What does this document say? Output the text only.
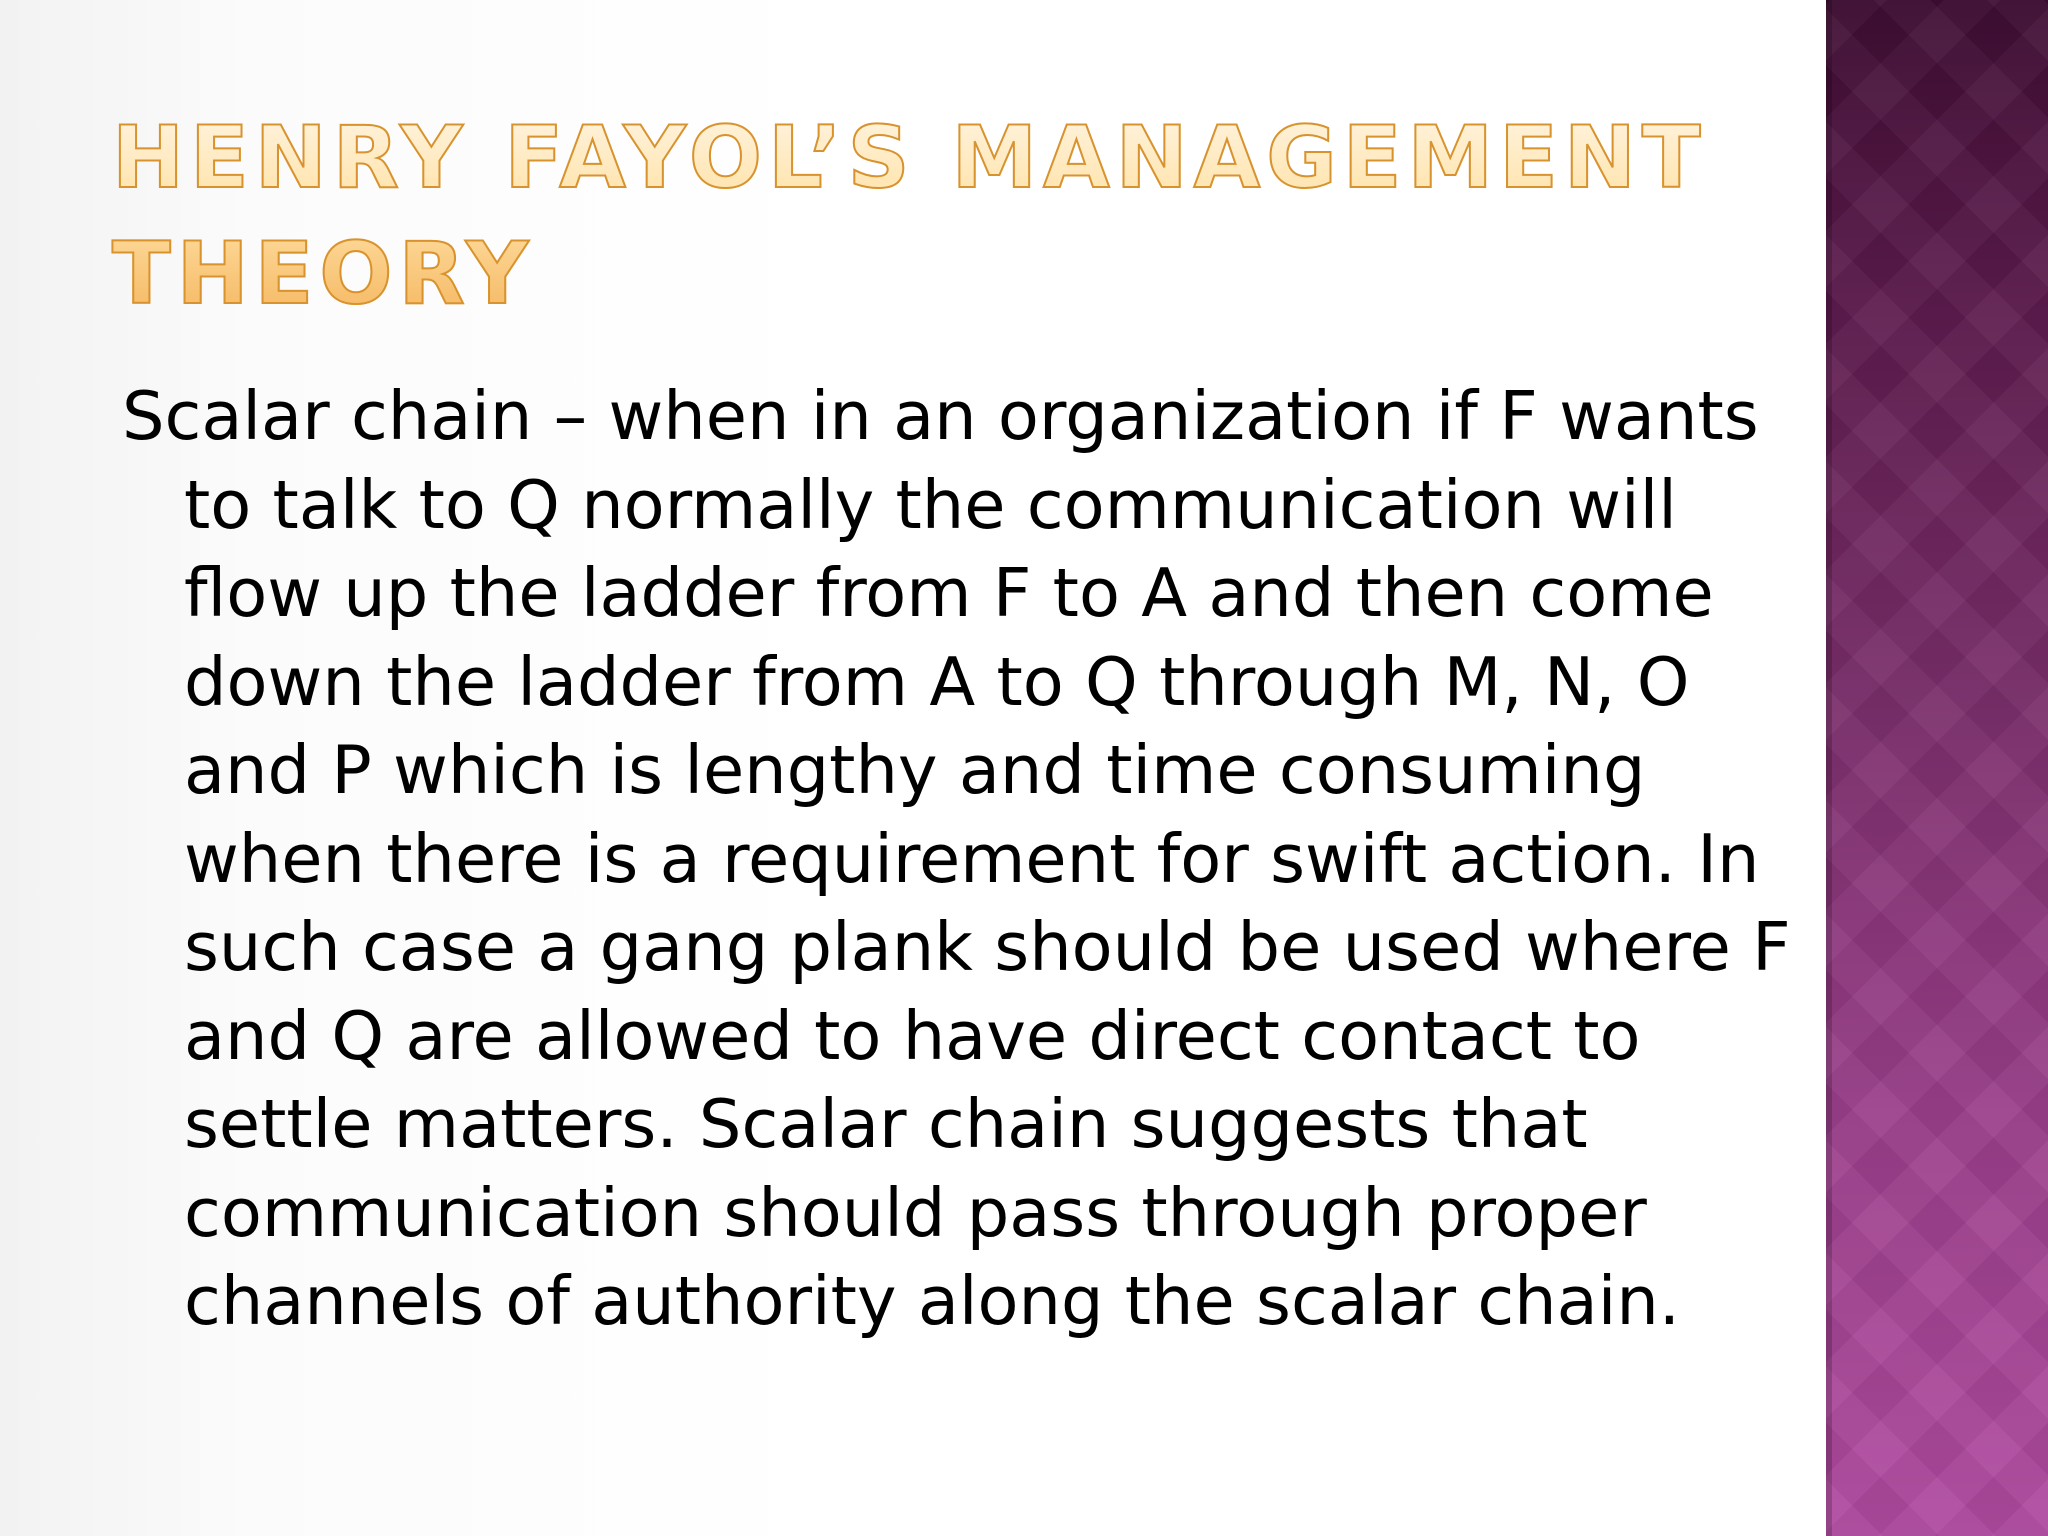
HENRY FAYOL’S MANAGEMENT THEORY

Scalar chain – when in an organization if F wants to talk to Q normally the communication will flow up the ladder from F to A and then come down the ladder from A to Q through M, N, O and P which is lengthy and time consuming when there is a requirement for swift action. In such case a gang plank should be used where F and Q are allowed to have direct contact to settle matters. Scalar chain suggests that communication should pass through proper channels of authority along the scalar chain.
